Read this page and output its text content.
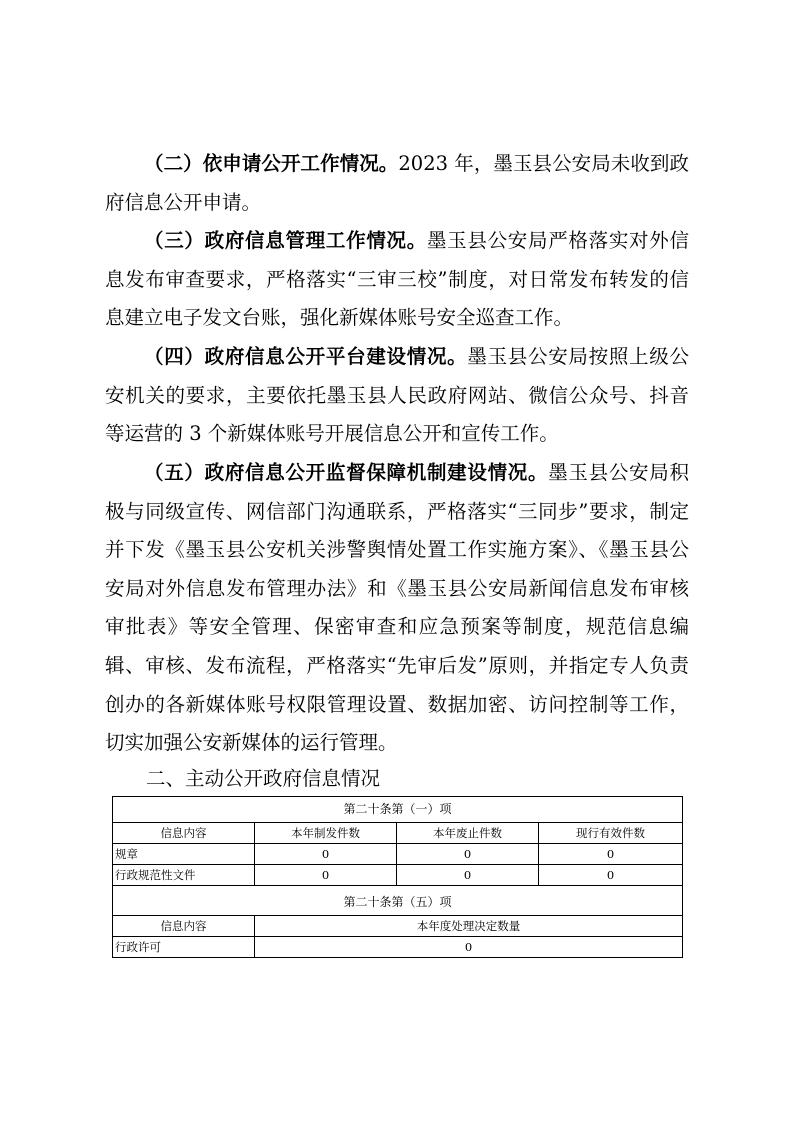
（二）依申请公开工作情况。2023 年，墨玉县公安局未收到政府信息公开申请。

（三）政府信息管理工作情况。墨玉县公安局严格落实对外信息发布审查要求，严格落实“三审三校”制度，对日常发布转发的信息建立电子发文台账，强化新媒体账号安全巡查工作。

（四）政府信息公开平台建设情况。墨玉县公安局按照上级公安机关的要求，主要依托墨玉县人民政府网站、微信公众号、抖音等运营的 3 个新媒体账号开展信息公开和宣传工作。

（五）政府信息公开监督保障机制建设情况。墨玉县公安局积极与同级宣传、网信部门沟通联系，严格落实“三同步”要求，制定并下发《墨玉县公安机关涉警舆情处置工作实施方案》、《墨玉县公安局对外信息发布管理办法》和《墨玉县公安局新闻信息发布审核审批表》等安全管理、保密审查和应急预案等制度，规范信息编辑、审核、发布流程，严格落实“先审后发”原则，并指定专人负责创办的各新媒体账号权限管理设置、数据加密、访问控制等工作，切实加强公安新媒体的运行管理。

二、主动公开政府信息情况
第二十条第（一）项			
信息内容	本年制发件数	本年废止件数	现行有效件数
规章	0	0	0
行政规范性文件	0	0	0

第二十条第（五）项			
信息内容	本年度处理决定数量		
行政许可	0		
